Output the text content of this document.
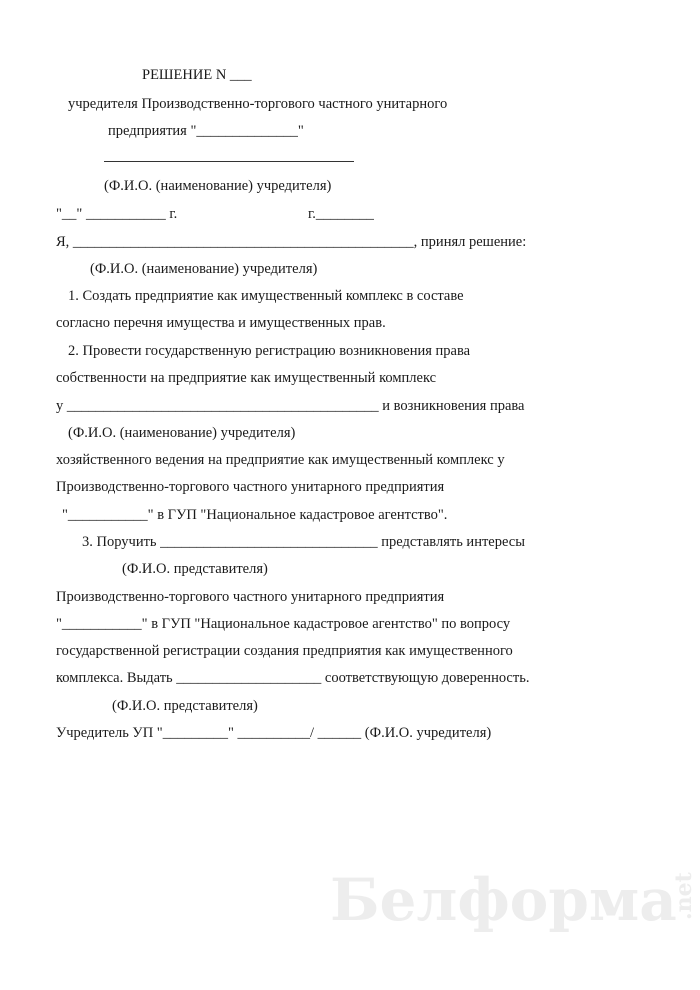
РЕШЕНИЕ N ___
учредителя Производственно-торгового частного унитарного
предприятия "______________"
(Ф.И.О. (наименование) учредителя)
"__" ___________ г.	г.________
Я, _______________________________________________, принял решение:
(Ф.И.О. (наименование) учредителя)
1. Создать предприятие как имущественный комплекс в составе
согласно перечня имущества и имущественных прав.
2. Провести государственную регистрацию возникновения права
собственности на предприятие как имущественный комплекс
у ___________________________________________ и возникновения права
(Ф.И.О. (наименование) учредителя)
хозяйственного ведения на предприятие как имущественный комплекс у
Производственно-торгового частного унитарного предприятия
"___________" в ГУП "Национальное кадастровое агентство".
3. Поручить ______________________________ представлять интересы
(Ф.И.О. представителя)
Производственно-торгового частного унитарного предприятия
"___________" в ГУП "Национальное кадастровое агентство" по вопросу
государственной регистрации создания предприятия как имущественного
комплекса. Выдать ____________________ соответствующую доверенность.
(Ф.И.О. представителя)
Учредитель УП "_________" __________/ ______ (Ф.И.О. учредителя)
Белформа.net
